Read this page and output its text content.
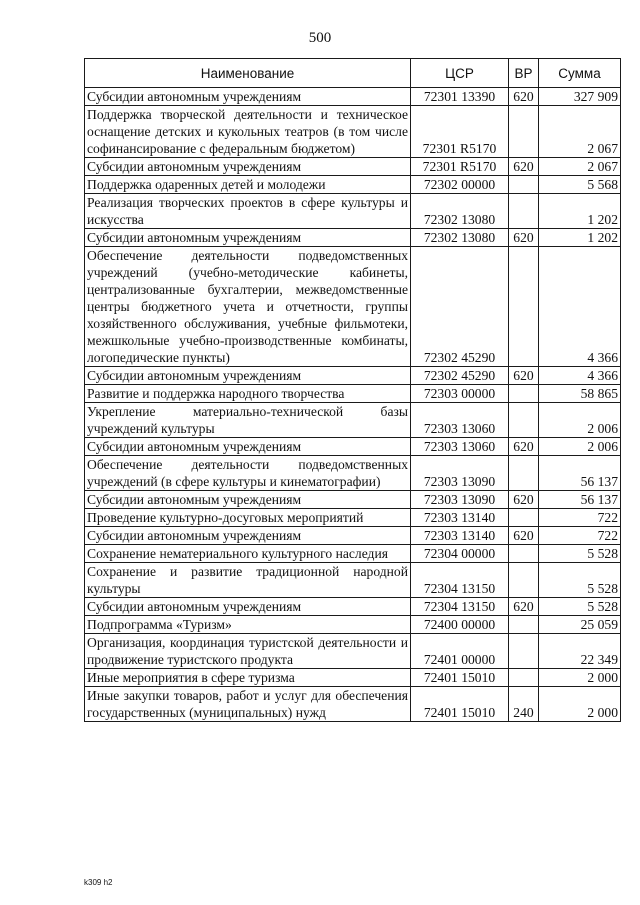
500
Наименование	ЦСР	ВР	Сумма
Субсидии автономным учреждениям	72301 13390	620	327 909
Поддержка творческой деятельности и техническое оснащение детских и кукольных театров (в том числе софинансирование с федеральным бюджетом)	72301 R5170		2 067
Субсидии автономным учреждениям	72301 R5170	620	2 067
Поддержка одаренных детей и молодежи	72302 00000		5 568
Реализация творческих проектов в сфере культуры и искусства	72302 13080		1 202
Субсидии автономным учреждениям	72302 13080	620	1 202
Обеспечение деятельности подведомственных учреждений (учебно-методические кабинеты, централизованные бухгалтерии, межведомственные центры бюджетного учета и отчетности, группы хозяйственного обслуживания, учебные фильмотеки, межшкольные учебно-производственные комбинаты, логопедические пункты)	72302 45290		4 366
Субсидии автономным учреждениям	72302 45290	620	4 366
Развитие и поддержка народного творчества	72303 00000		58 865
Укрепление материально-технической базы учреждений культуры	72303 13060		2 006
Субсидии автономным учреждениям	72303 13060	620	2 006
Обеспечение деятельности подведомственных учреждений (в сфере культуры и кинематографии)	72303 13090		56 137
Субсидии автономным учреждениям	72303 13090	620	56 137
Проведение культурно-досуговых мероприятий	72303 13140		722
Субсидии автономным учреждениям	72303 13140	620	722
Сохранение нематериального культурного наследия	72304 00000		5 528
Сохранение и развитие традиционной народной культуры	72304 13150		5 528
Субсидии автономным учреждениям	72304 13150	620	5 528
Подпрограмма «Туризм»	72400 00000		25 059
Организация, координация туристской деятельности и продвижение туристского продукта	72401 00000		22 349
Иные мероприятия в сфере туризма	72401 15010		2 000
Иные закупки товаров, работ и услуг для обеспечения государственных (муниципальных) нужд	72401 15010	240	2 000
k309 h2
